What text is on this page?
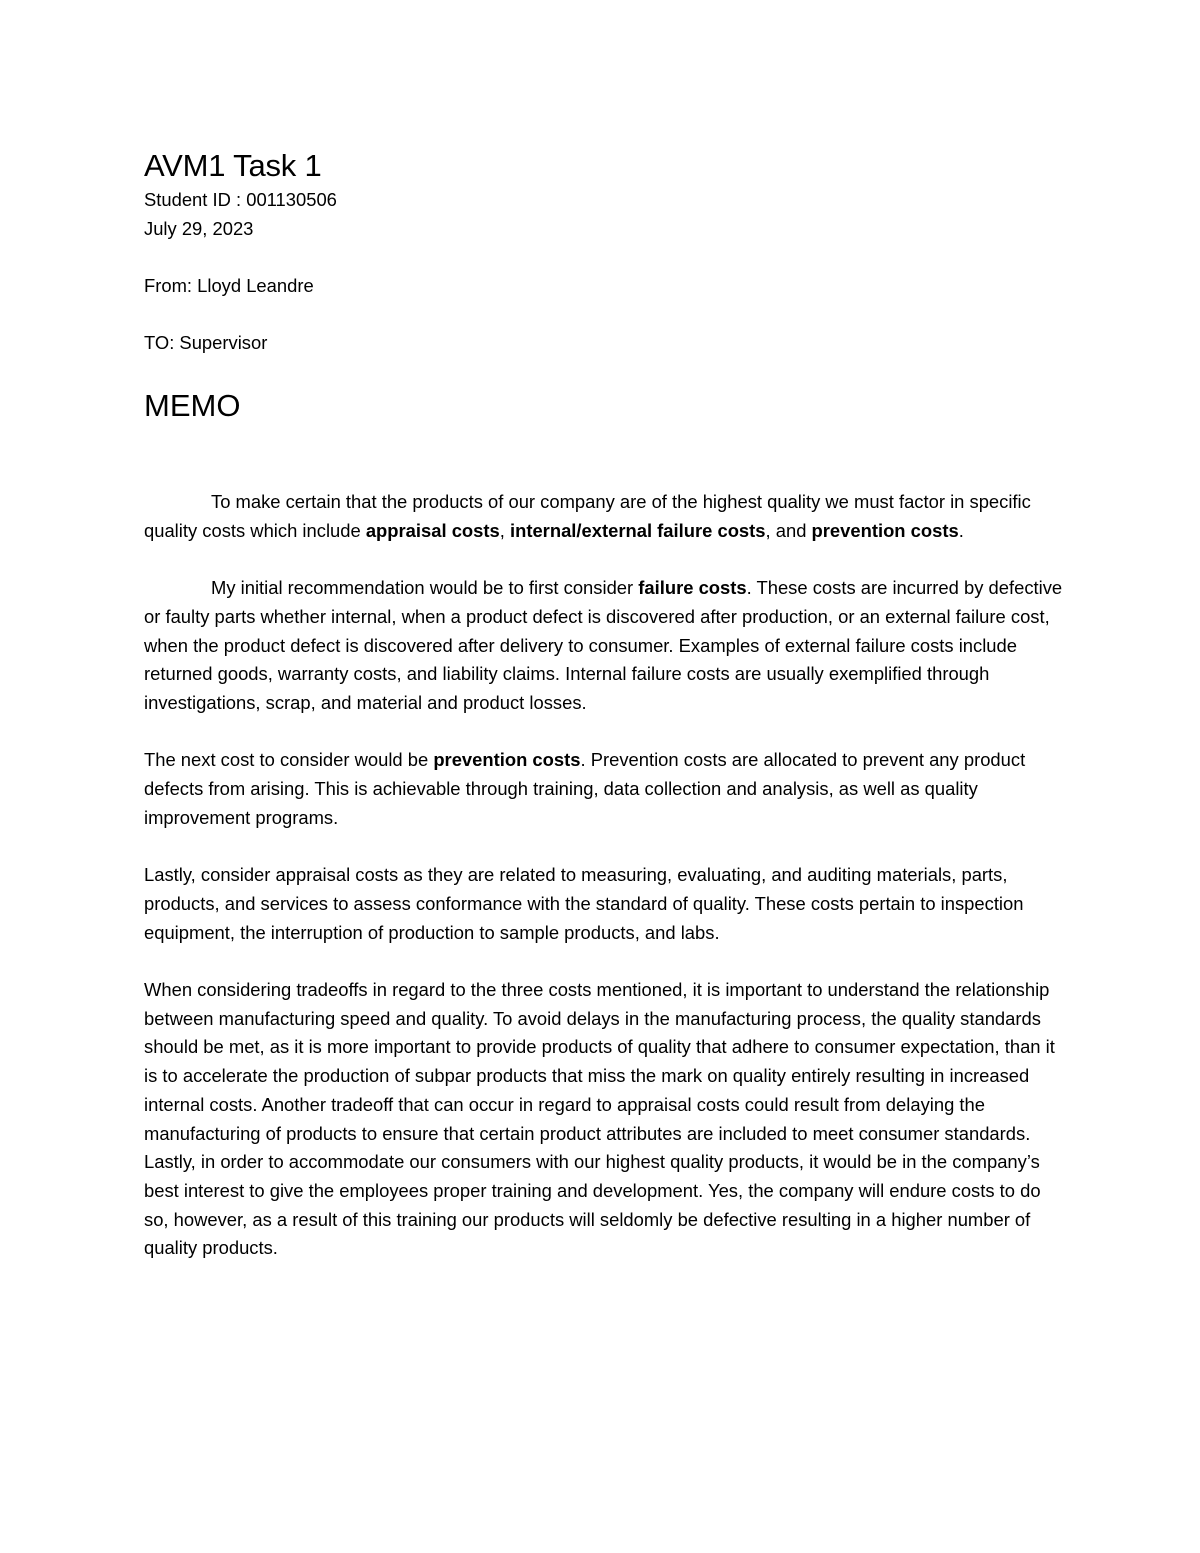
AVM1 Task 1

Student ID : 001130506

July 29, 2023

From: Lloyd Leandre

TO: Supervisor

MEMO

To make certain that the products of our company are of the highest quality we must factor in specific quality costs which include appraisal costs, internal/external failure costs, and prevention costs.

My initial recommendation would be to first consider failure costs. These costs are incurred by defective or faulty parts whether internal, when a product defect is discovered after production, or an external failure cost, when the product defect is discovered after delivery to consumer. Examples of external failure costs include returned goods, warranty costs, and liability claims. Internal failure costs are usually exemplified through investigations, scrap, and material and product losses.

The next cost to consider would be prevention costs. Prevention costs are allocated to prevent any product defects from arising. This is achievable through training, data collection and analysis, as well as quality improvement programs.

Lastly, consider appraisal costs as they are related to measuring, evaluating, and auditing materials, parts, products, and services to assess conformance with the standard of quality. These costs pertain to inspection equipment, the interruption of production to sample products, and labs.

When considering tradeoffs in regard to the three costs mentioned, it is important to understand the relationship between manufacturing speed and quality. To avoid delays in the manufacturing process, the quality standards should be met, as it is more important to provide products of quality that adhere to consumer expectation, than it is to accelerate the production of subpar products that miss the mark on quality entirely resulting in increased internal costs. Another tradeoff that can occur in regard to appraisal costs could result from delaying the manufacturing of products to ensure that certain product attributes are included to meet consumer standards. Lastly, in order to accommodate our consumers with our highest quality products, it would be in the company’s best interest to give the employees proper training and development. Yes, the company will endure costs to do so, however, as a result of this training our products will seldomly be defective resulting in a higher number of quality products.
